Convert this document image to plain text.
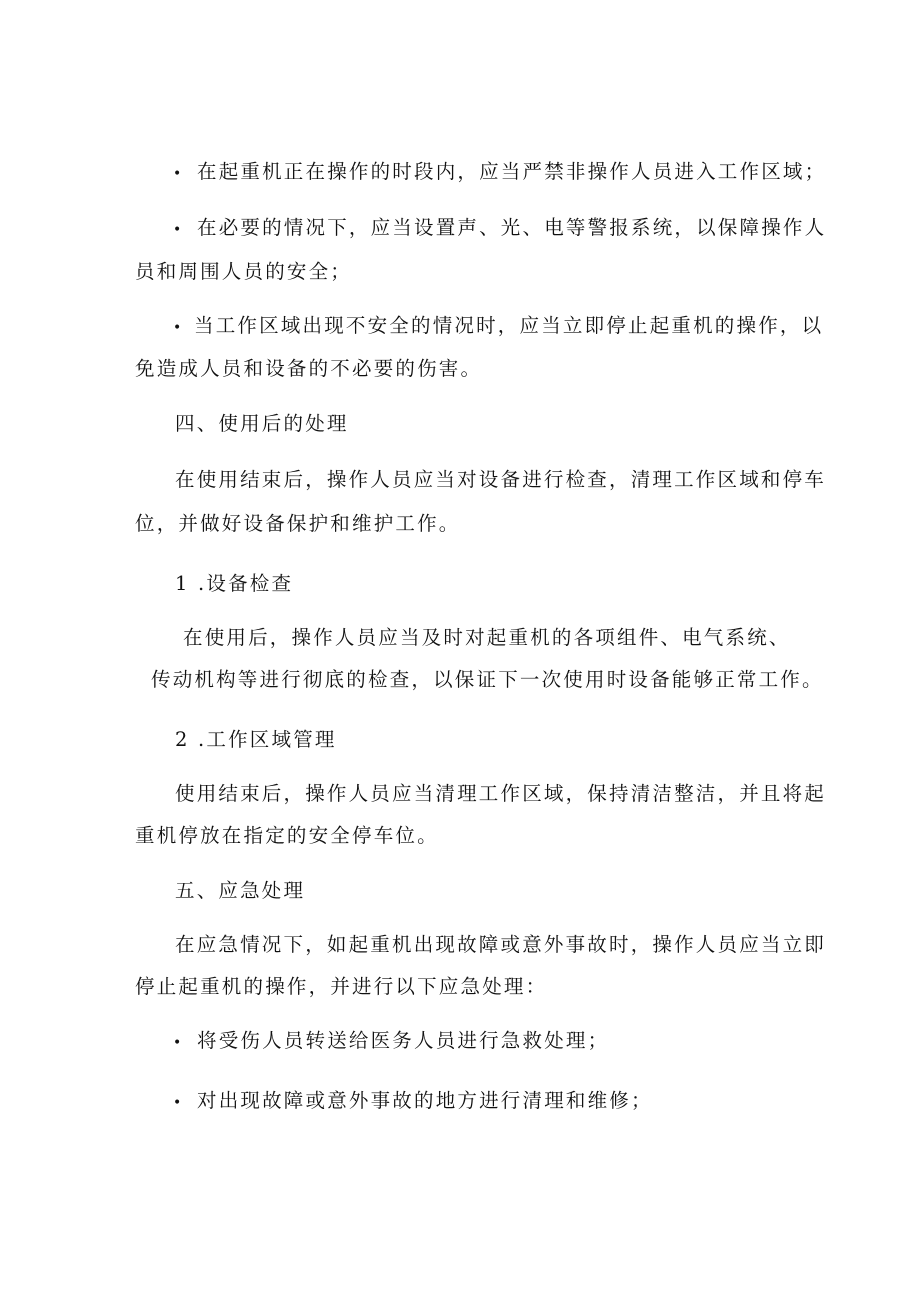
• 在起重机正在操作的时段内，应当严禁非操作人员进入工作区域；
• 在必要的情况下，应当设置声、光、电等警报系统，以保障操作人
员和周围人员的安全；
• 当工作区域出现不安全的情况时，应当立即停止起重机的操作，以
免造成人员和设备的不必要的伤害。
四、使用后的处理
在使用结束后，操作人员应当对设备进行检查，清理工作区域和停车
位，并做好设备保护和维护工作。
1 .设备检查
在使用后，操作人员应当及时对起重机的各项组件、电气系统、
传动机构等进行彻底的检查，以保证下一次使用时设备能够正常工作。
2 .工作区域管理
使用结束后，操作人员应当清理工作区域，保持清洁整洁，并且将起
重机停放在指定的安全停车位。
五、应急处理
在应急情况下，如起重机出现故障或意外事故时，操作人员应当立即
停止起重机的操作，并进行以下应急处理：
• 将受伤人员转送给医务人员进行急救处理；
• 对出现故障或意外事故的地方进行清理和维修；
